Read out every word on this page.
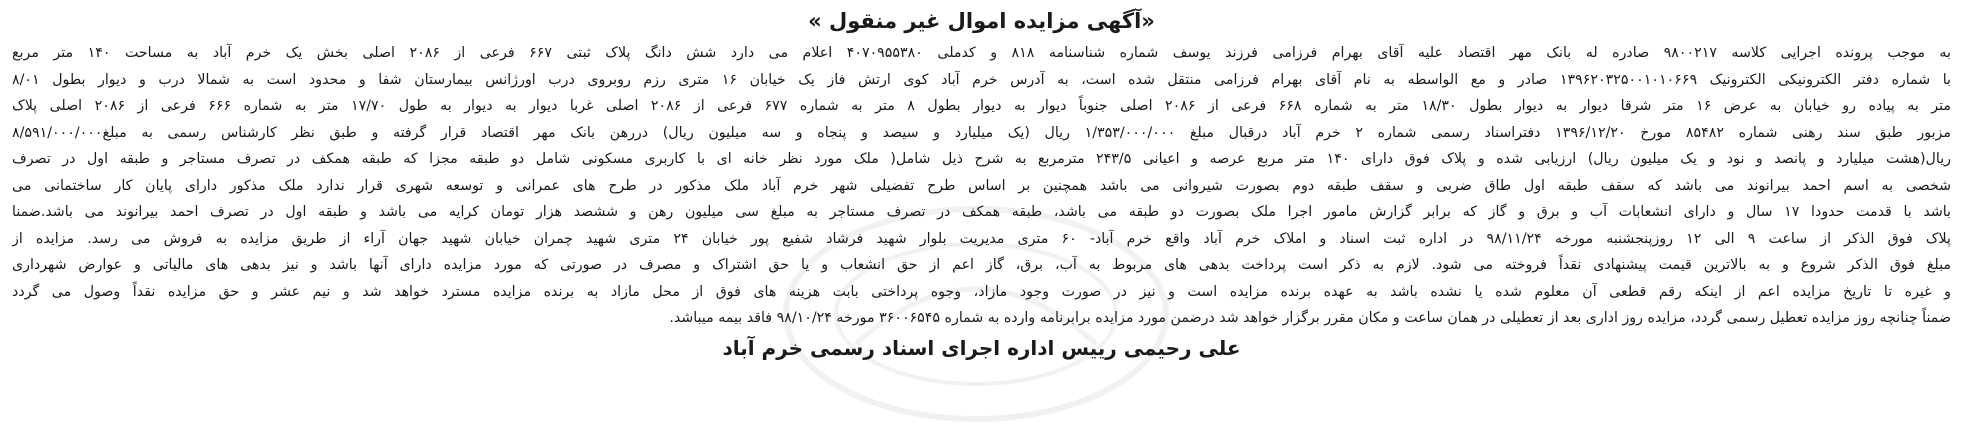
«آگهی مزایده اموال غیر منقول »
به موجب پرونده اجرایی کلاسه ۹۸۰۰۲۱۷ صادره له بانک مهر اقتصاد علیه آقای بهرام فرزامی فرزند یوسف شماره شناسنامه ۸۱۸ و کدملی ۴۰۷۰۹۵۵۳۸۰ اعلام می دارد شش دانگ پلاک ثبتی ۶۶۷ فرعی از ۲۰۸۶ اصلی بخش یک خرم آباد به مساحت ۱۴۰ متر مربع
با شماره دفتر الکترونیکی الکترونیک ۱۳۹۶۲۰۳۲۵۰۰۱۰۱۰۶۶۹ صادر و مع الواسطه به نام آقای بهرام فرزامی منتقل شده است، به آدرس خرم آباد کوی ارتش فاز یک خیابان ۱۶ متری رزم روبروی درب اورژانس بیمارستان شفا و محدود است به شمالا درب و دیوار بطول ۸/۰۱
متر به پیاده رو خیابان به عرض ۱۶ متر شرقا دیوار به دیوار بطول ۱۸/۳۰ متر به شماره ۶۶۸ فرعی از ۲۰۸۶ اصلی جنوباً دیوار به دیوار بطول ۸ متر به شماره ۶۷۷ فرعی از ۲۰۸۶ اصلی غربا دیوار به دیوار به طول ۱۷/۷۰ متر به شماره ۶۶۶ فرعی از ۲۰۸۶ اصلی پلاک
مزبور طبق سند رهنی شماره ۸۵۴۸۲ مورخ ۱۳۹۶/۱۲/۲۰ دفتراسناد رسمی شماره ۲ خرم آباد درقبال مبلغ ۱/۳۵۳/۰۰۰/۰۰۰ ریال (یک میلیارد و سیصد و پنجاه و سه میلیون ریال) دررهن بانک مهر اقتصاد قرار گرفته و طبق نظر کارشناس رسمی به مبلغ۸/۵۹۱/۰۰۰/۰۰۰
ریال(هشت میلیارد و پانصد و نود و یک میلیون ریال) ارزیابی شده و پلاک فوق دارای ۱۴۰ متر مربع عرصه و اعیانی ۲۴۳/۵ مترمربع به شرح ذیل شامل( ملک مورد نظر خانه ای با کاربری مسکونی شامل دو طبقه مجزا که طبقه همکف در تصرف مستاجر و طبقه اول در تصرف
شخصی به اسم احمد بیرانوند می باشد که سقف طبقه اول طاق ضربی و سقف طبقه دوم بصورت شیروانی می باشد همچنین بر اساس طرح تفضیلی شهر خرم آباد ملک مذکور در طرح های عمرانی و توسعه شهری قرار ندارد ملک مذکور دارای پایان کار ساختمانی می
باشد با قدمت حدودا ۱۷ سال و دارای انشعابات آب و برق و گاز که برابر گزارش مامور اجرا ملک بصورت دو طبقه می باشد، طبقه همکف در تصرف مستاجر به مبلغ سی میلیون رهن و ششصد هزار تومان کرایه می باشد و طبقه اول در تصرف احمد بیرانوند می باشد.ضمنا
پلاک فوق الذکر از ساعت ۹ الی ۱۲ روزپنجشنبه مورخه ۹۸/۱۱/۲۴ در اداره ثبت اسناد و املاک خرم آباد واقع خرم آباد- ۶۰ متری مدیریت بلوار شهید فرشاد شفیع پور خیابان ۲۴ متری شهید چمران خیابان شهید جهان آراء از طریق مزایده به فروش می رسد. مزایده از
مبلغ فوق الذکر شروع و به بالاترین قیمت پیشنهادی نقداً فروخته می شود. لازم به ذکر است پرداخت بدهی های مربوط به آب، برق، گاز اعم از حق انشعاب و یا حق اشتراک و مصرف در صورتی که مورد مزایده دارای آنها باشد و نیز بدهی های مالیاتی و عوارض شهرداری
و غیره تا تاریخ مزایده اعم از اینکه رقم قطعی آن معلوم شده یا نشده باشد به عهده برنده مزایده است و نیز در صورت وجود مازاد، وجوه پرداختی بابت هزینه های فوق از محل مازاد به برنده مزایده مسترد خواهد شد و نیم عشر و حق مزایده نقداً وصول می گردد
ضمناً چنانچه روز مزایده تعطیل رسمی گردد، مزایده روز اداری بعد از تعطیلی در همان ساعت و مکان مقرر برگزار خواهد شد درضمن مورد مزایده برابرنامه وارده به شماره ۳۶۰۰۶۵۴۵ مورخه ۹۸/۱۰/۲۴ فاقد بیمه میباشد.
علی رحیمی رییس اداره اجرای اسناد رسمی خرم آباد
